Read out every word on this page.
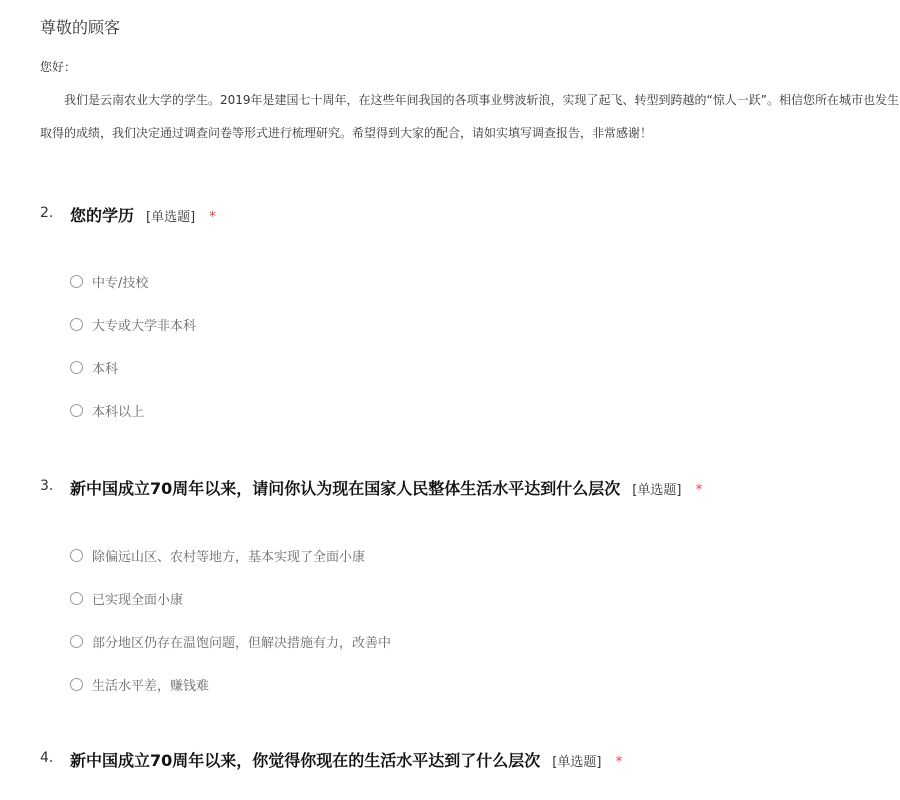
尊敬的顾客
您好：
我们是云南农业大学的学生。2019年是建国七十周年，在这些年间我国的各项事业劈波斩浪，实现了起飞、转型到跨越的“惊人一跃”。相信您所在城市也发生
取得的成绩，我们决定通过调查问卷等形式进行梳理研究。希望得到大家的配合，请如实填写调查报告，非常感谢！
2. 您的学历 [单选题] *
中专/技校
大专或大学非本科
本科
本科以上
3. 新中国成立70周年以来，请问你认为现在国家人民整体生活水平达到什么层次 [单选题] *
除偏远山区、农村等地方，基本实现了全面小康
已实现全面小康
部分地区仍存在温饱问题，但解决措施有力，改善中
生活水平差，赚钱难
4. 新中国成立70周年以来，你觉得你现在的生活水平达到了什么层次 [单选题] *
